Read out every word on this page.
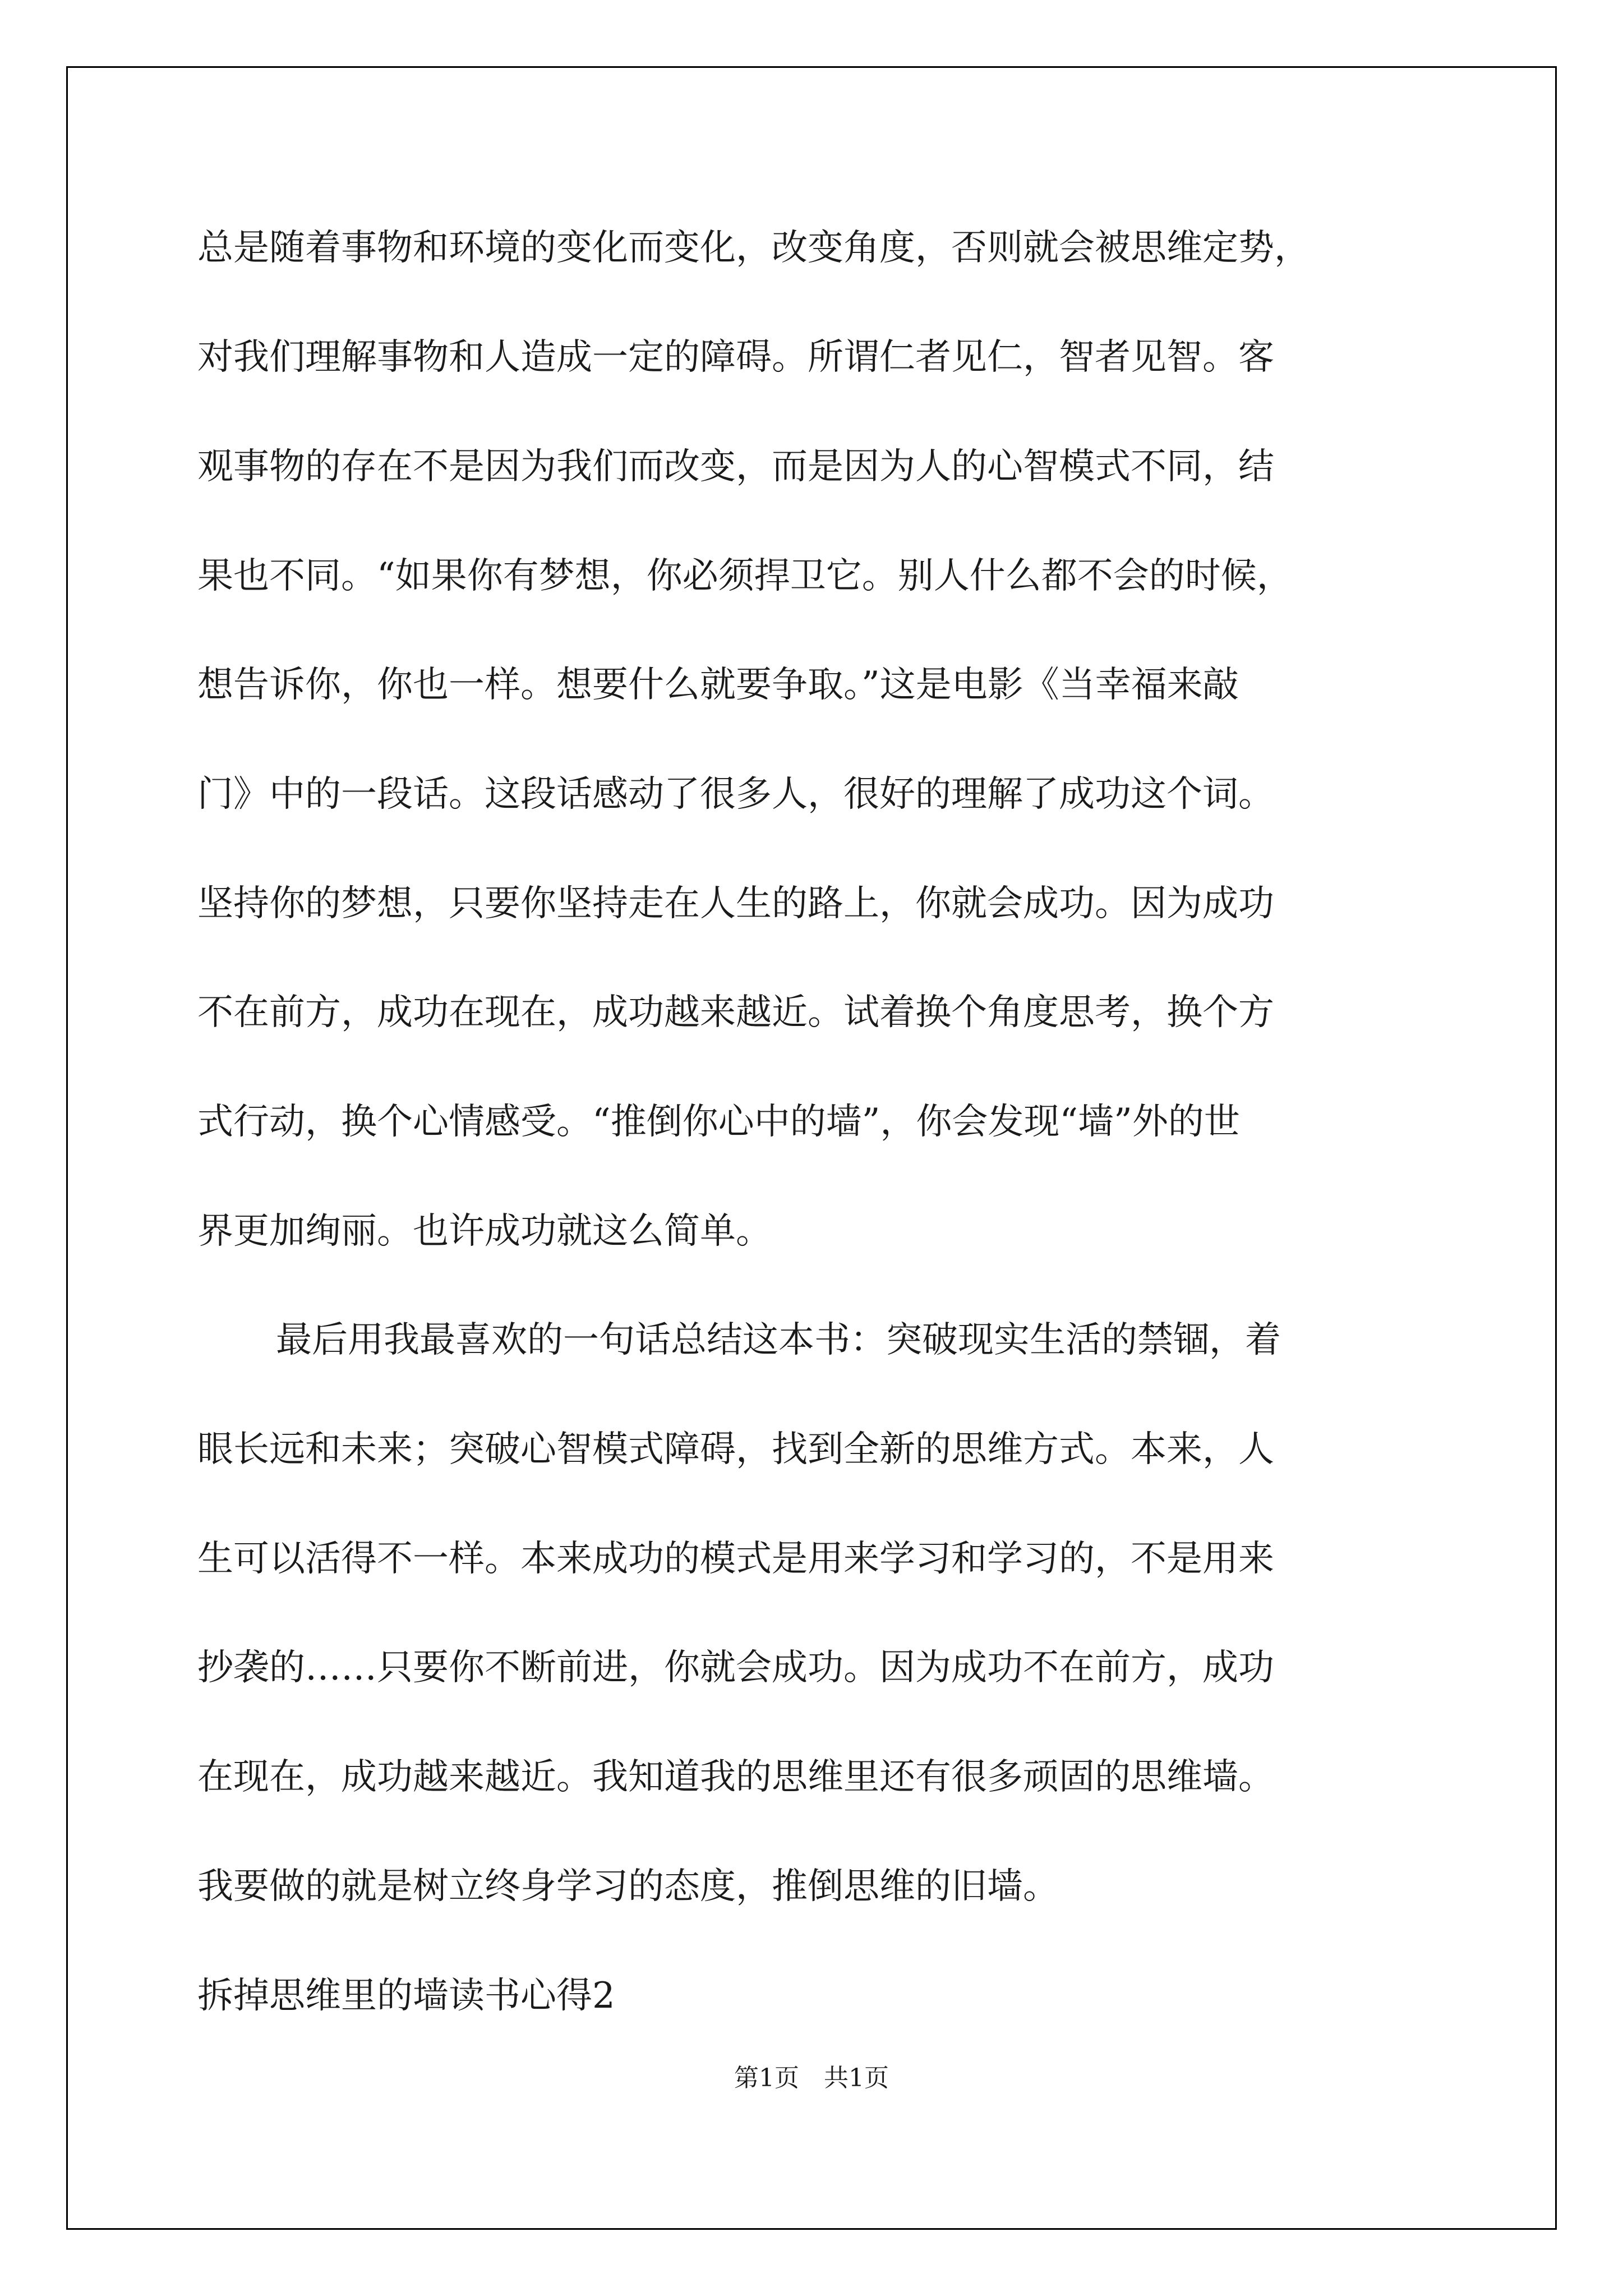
总是随着事物和环境的变化而变化，改变角度，否则就会被思维定势，

对我们理解事物和人造成一定的障碍。所谓仁者见仁，智者见智。客

观事物的存在不是因为我们而改变，而是因为人的心智模式不同，结

果也不同。“如果你有梦想，你必须捍卫它。别人什么都不会的时候，

想告诉你，你也一样。想要什么就要争取。”这是电影《当幸福来敲

门》中的一段话。这段话感动了很多人，很好的理解了成功这个词。

坚持你的梦想，只要你坚持走在人生的路上，你就会成功。因为成功

不在前方，成功在现在，成功越来越近。试着换个角度思考，换个方

式行动，换个心情感受。“推倒你心中的墙”，你会发现“墙”外的世

界更加绚丽。也许成功就这么简单。

最后用我最喜欢的一句话总结这本书：突破现实生活的禁锢，着

眼长远和未来；突破心智模式障碍，找到全新的思维方式。本来，人

生可以活得不一样。本来成功的模式是用来学习和学习的，不是用来

抄袭的……只要你不断前进，你就会成功。因为成功不在前方，成功

在现在，成功越来越近。我知道我的思维里还有很多顽固的思维墙。

我要做的就是树立终身学习的态度，推倒思维的旧墙。

拆掉思维里的墙读书心得2

第1页　共1页
